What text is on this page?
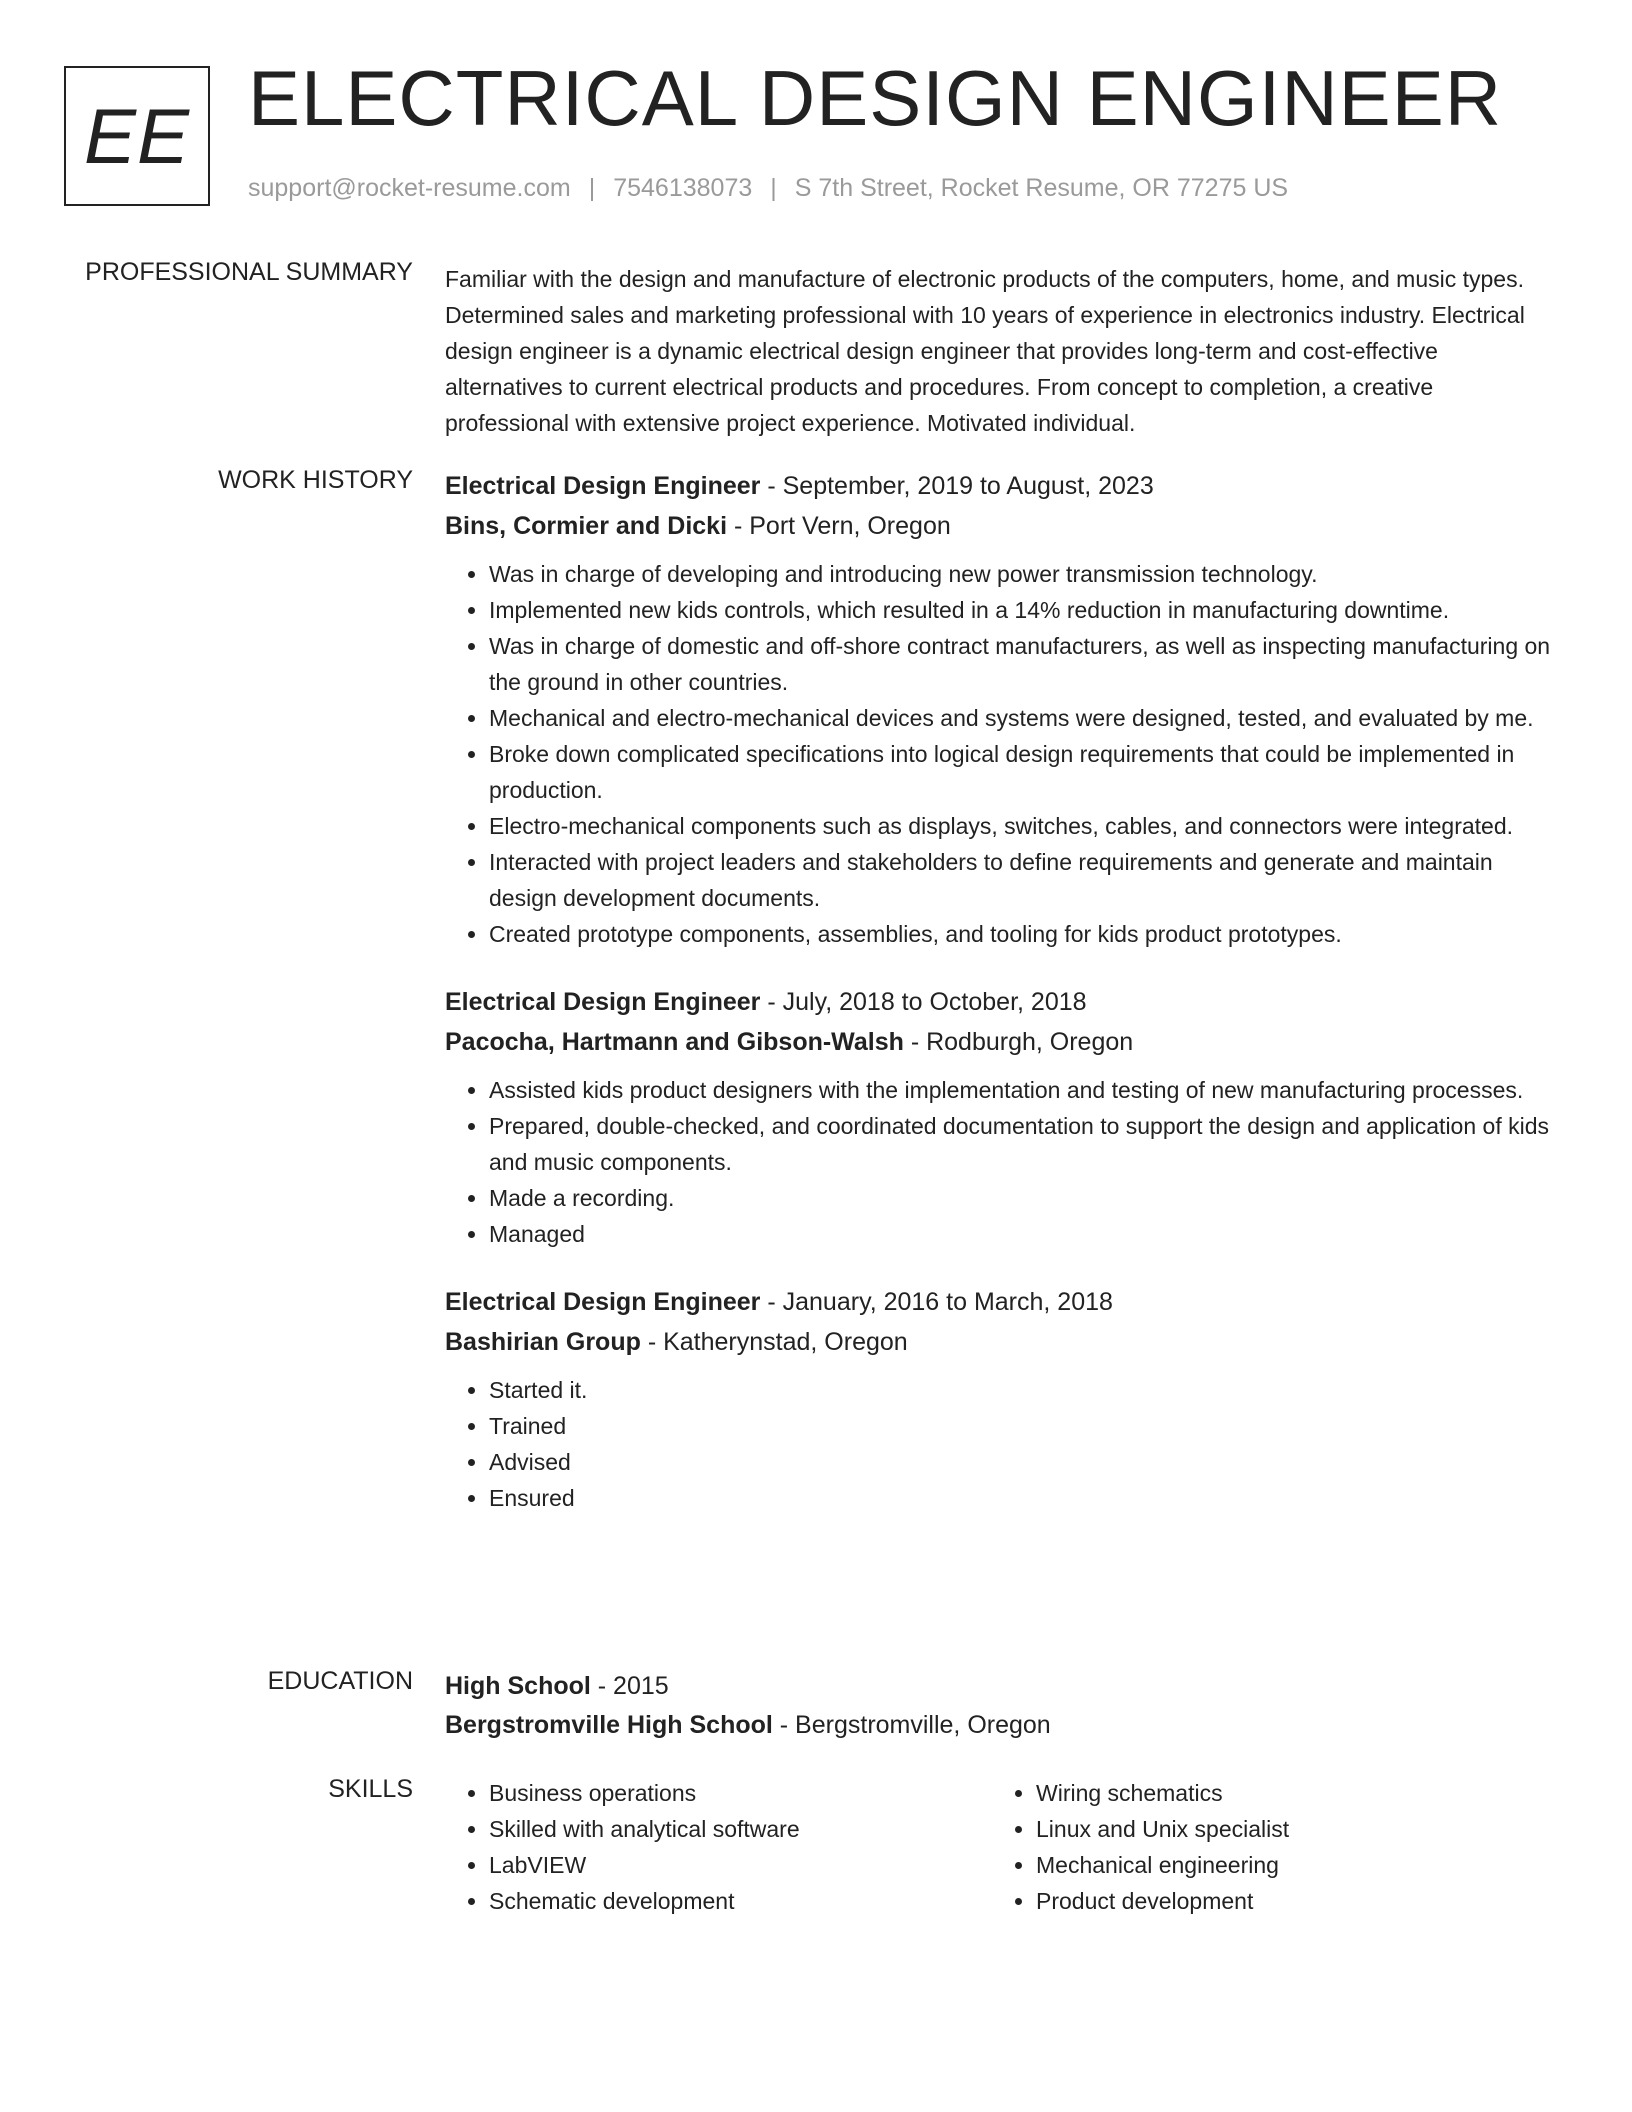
EE ELECTRICAL DESIGN ENGINEER
support@rocket-resume.com | 7546138073 | S 7th Street, Rocket Resume, OR 77275 US
PROFESSIONAL SUMMARY Familiar with the design and manufacture of electronic products of the computers, home, and music types. Determined sales and marketing professional with 10 years of experience in electronics industry. Electrical design engineer is a dynamic electrical design engineer that provides long-term and cost-effective alternatives to current electrical products and procedures. From concept to completion, a creative professional with extensive project experience. Motivated individual.

WORK HISTORY Electrical Design Engineer - September, 2019 to August, 2023
Bins, Cormier and Dicki - Port Vern, Oregon
• Was in charge of developing and introducing new power transmission technology.
• Implemented new kids controls, which resulted in a 14% reduction in manufacturing downtime.
• Was in charge of domestic and off-shore contract manufacturers, as well as inspecting manufacturing on the ground in other countries.
• Mechanical and electro-mechanical devices and systems were designed, tested, and evaluated by me.
• Broke down complicated specifications into logical design requirements that could be implemented in production.
• Electro-mechanical components such as displays, switches, cables, and connectors were integrated.
• Interacted with project leaders and stakeholders to define requirements and generate and maintain design development documents.
• Created prototype components, assemblies, and tooling for kids product prototypes.
Electrical Design Engineer - July, 2018 to October, 2018
Pacocha, Hartmann and Gibson-Walsh - Rodburgh, Oregon
• Assisted kids product designers with the implementation and testing of new manufacturing processes.
• Prepared, double-checked, and coordinated documentation to support the design and application of kids and music components.
• Made a recording.
• Managed
Electrical Design Engineer - January, 2016 to March, 2018
Bashirian Group - Katherynstad, Oregon
• Started it.
• Trained
• Advised
• Ensured
EDUCATION High School - 2015
Bergstromville High School - Bergstromville, Oregon
SKILLS
•	Business operations
• Skilled with analytical software
• LabVIEW
• Schematic development
• Wiring schematics
• Linux and Unix specialist
• Mechanical engineering
• Product development
